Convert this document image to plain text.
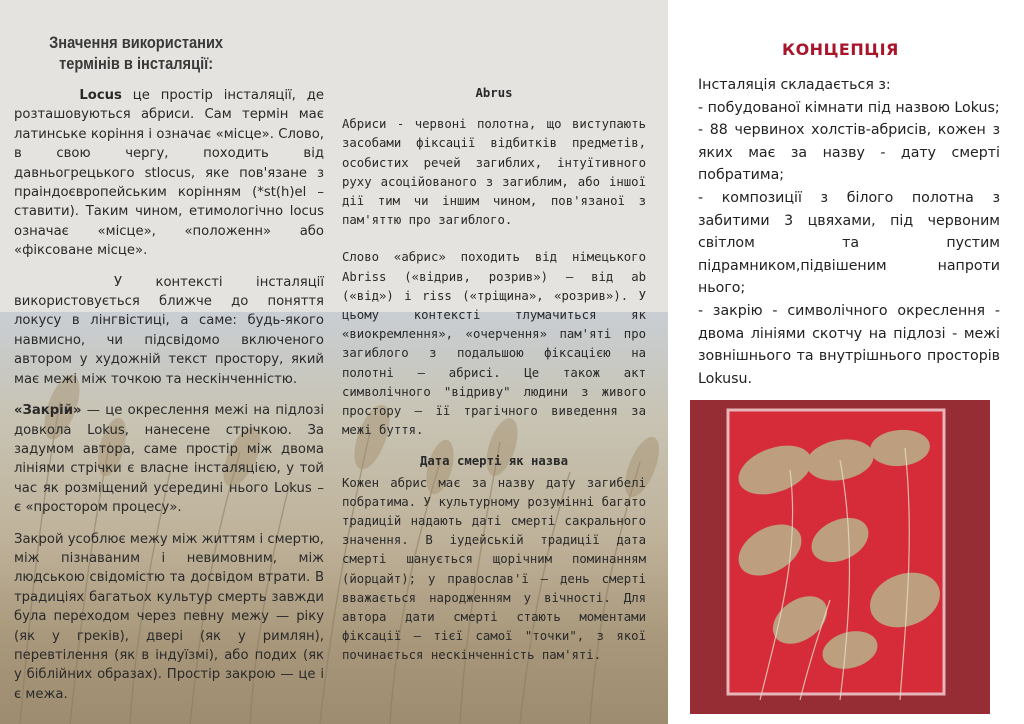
Значення використаних термінів в інсталяції:

Locus це простір інсталяції, де розташовуються абриси. Сам термін має латинське коріння і означає «місце». Слово, в свою чергу, походить від давньогрецького stlocus, яке пов'язане з праіндоєвропейським корінням (*st(h)el – ставити). Таким чином, етимологічно locus означає «місце», «положенн» або «фіксоване місце».

У контексті інсталяції використовується ближче до поняття локусу в лінгвістиці, а саме: будь-якого навмисно, чи підсвідомо включеного автором у художній текст простору, який має межі між точкою та нескінченністю.

«Закрій» — це окреслення межі на підлозі довкола Lokus, нанесене стрічкою. За задумом автора, саме простір між двома лініями стрічки є власне інсталяцією, у той час як розміщений усередині нього Lokus – є «простором процесу».

Закрой усоблює межу між життям і смертю, між пізнаваним і невимовним, між людською свідомістю та досвідом втрати. В традиціях багатьох культур смерть завжди була переходом через певну межу — ріку (як у греків), двері (як у римлян), перевтілення (як в індуїзмі), або подих (як у біблійних образах). Простір закрою — це і є межа.

Abrus

Абриси - червоні полотна, що виступають засобами фіксації відбитків предметів, особистих речей загиблих, інтуїтивного руху асоційованого з загиблим, або іншої дії тим чи іншим чином, пов'язаної з пам'яттю про загиблого.

Слово «абрис» походить від німецького Abriss («відрив, розрив») — від ab («від») і riss («тріщина», «розрив»). У цьому контексті тлумачиться як «виокремлення», «очерчення» пам'яті про загиблого з подальшою фіксацією на полотні — абрисі. Це також акт символічного "відриву" людини з живого простору — її трагічного виведення за межі буття.

Дата смерті як назва

Кожен абрис має за назву дату загибелі побратима. У культурному розумінні багато традицій надають даті смерті сакрального значення. В іудейській традиції дата смерті шанується щорічним поминанням (йорцайт); у православ'ї — день смерті вважається народженням у вічності. Для автора дати смерті стають моментами фіксації — тієї самої "точки", з якої починається нескінченність пам'яті.

КОНЦЕПЦІЯ

Інсталяція складається з:

- побудованої кімнати під назвою Lokus;

- 88 червинох холстів-абрисів, кожен з яких має за назву - дату смерті побратима;

- композиції з білого полотна з забитими 3 цвяхами, під червоним світлом та пустим підрамником,підвішеним напроти нього;

- закрію - символічного окреслення - двома лініями скотчу на підлозі - межі зовнішнього та внутрішнього просторів Lokusu.
